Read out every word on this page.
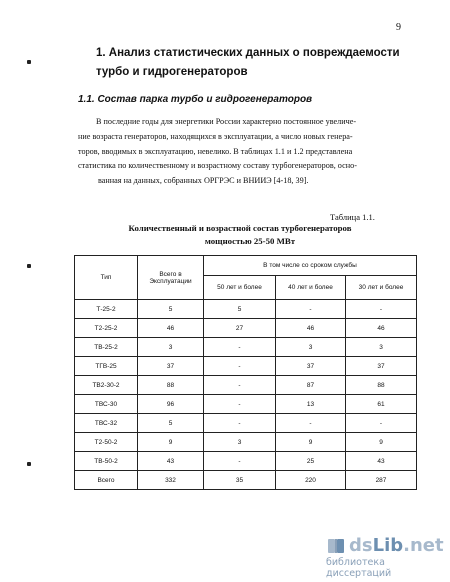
9
1. Анализ статистических данных о повреждаемости
турбо и гидрогенераторов
1.1. Состав парка турбо и гидрогенераторов
В последние годы для энергетики России характерно постоянное увеличе-
ние возраста генераторов, находящихся в эксплуатации, а число новых генера-
торов, вводимых в эксплуатацию, невелико. В таблицах 1.1 и 1.2 представлена
статистика по количественному и возрастному составу турбогенераторов, осно-
ванная на данных, собранных ОРГРЭС и ВНИИЭ [4-18, 39].
Таблица 1.1.
Количественный и возрастной состав турбогенераторов
мощностью 25-50 МВт
Тип	Всего в Эксплуатации	В том числе со сроком службы		
		50 лет и более	40 лет и более	30 лет и более
Т-25-2	5	5	-	-
Т2-25-2	46	27	46	46
ТВ-25-2	3	-	3	3
ТГВ-25	37	-	37	37
ТВ2-30-2	88	-	87	88
ТВС-30	96	-	13	61
ТВС-32	5	-	-	-
Т2-50-2	9	3	9	9
ТВ-50-2	43	-	25	43
Всего	332	35	220	287
dsLib.net
библиотека диссертаций
